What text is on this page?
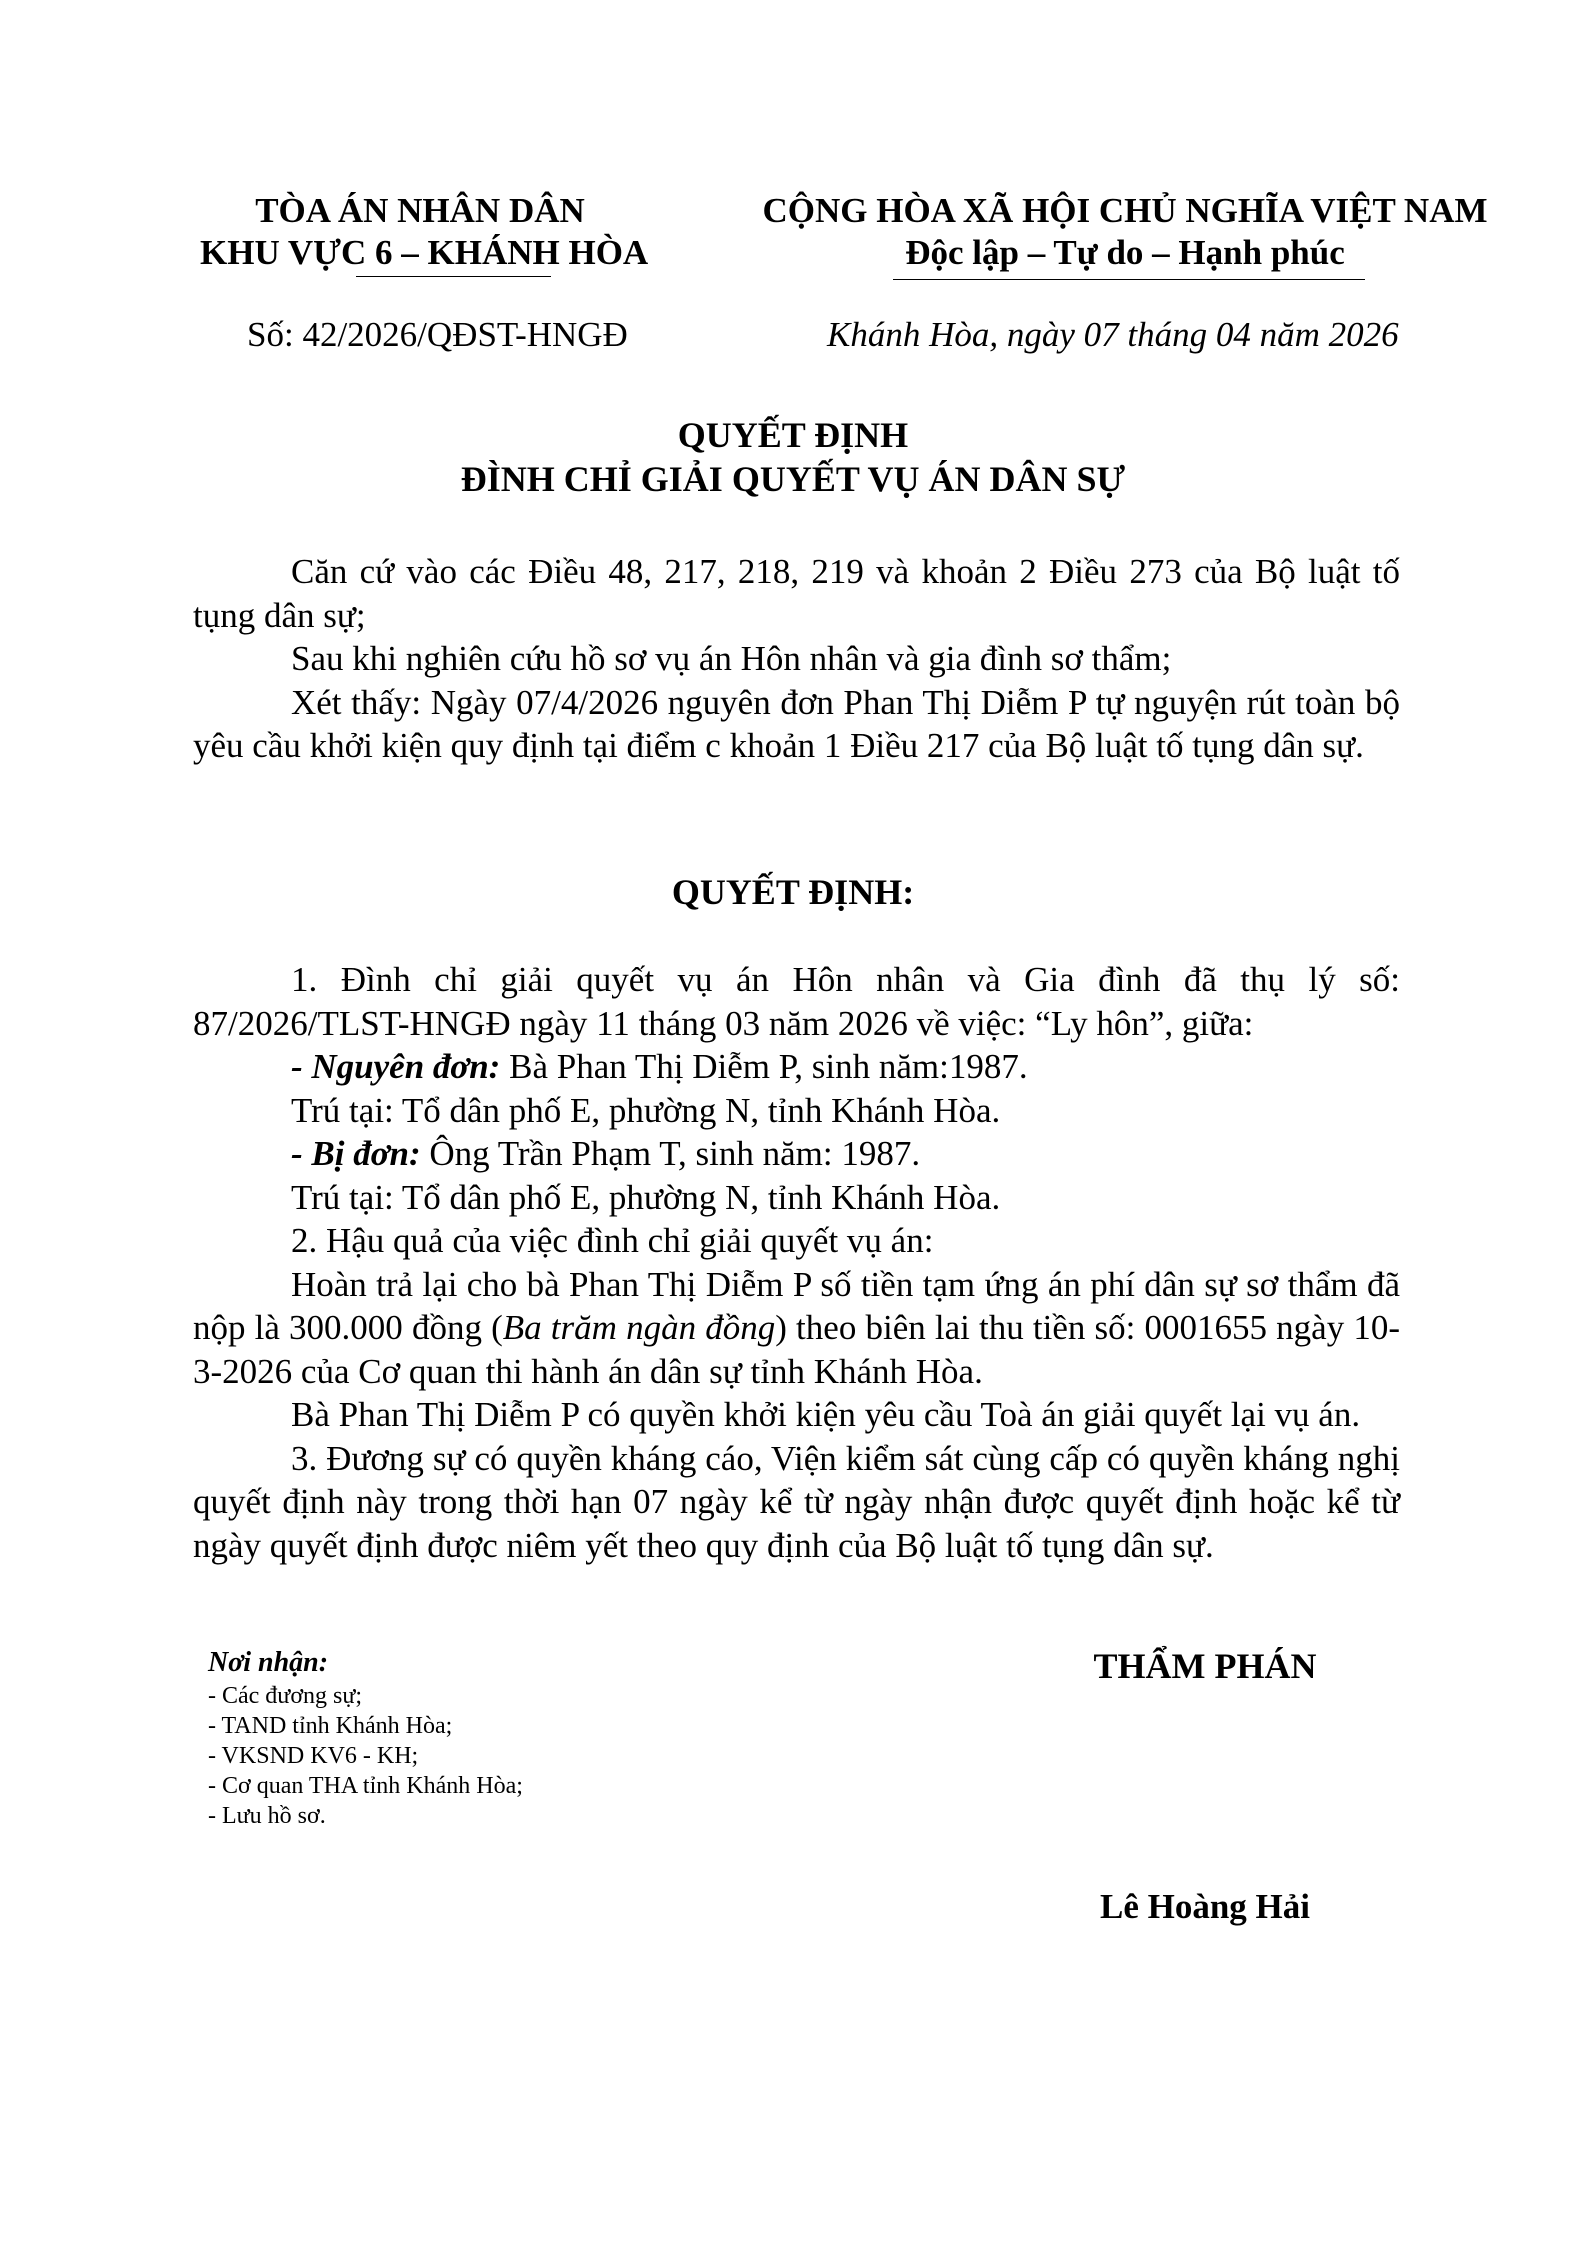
TÒA ÁN NHÂN DÂN
KHU VỰC 6 – KHÁNH HÒA
CỘNG HÒA XÃ HỘI CHỦ NGHĨA VIỆT NAM
Độc lập – Tự do – Hạnh phúc
Số: 42/2026/QĐST-HNGĐ	Khánh Hòa, ngày 07 tháng 04 năm 2026
QUYẾT ĐỊNH
ĐÌNH CHỈ GIẢI QUYẾT VỤ ÁN DÂN SỰ

Căn cứ vào các Điều 48, 217, 218, 219 và khoản 2 Điều 273 của Bộ luật tố tụng dân sự;

Sau khi nghiên cứu hồ sơ vụ án Hôn nhân và gia đình sơ thẩm;

Xét thấy: Ngày 07/4/2026 nguyên đơn Phan Thị Diễm P tự nguyện rút toàn bộ yêu cầu khởi kiện quy định tại điểm c khoản 1 Điều 217 của Bộ luật tố tụng dân sự.

QUYẾT ĐỊNH:

1. Đình chỉ giải quyết vụ án Hôn nhân và Gia đình đã thụ lý số: 87/2026/TLST-HNGĐ ngày 11 tháng 03 năm 2026 về việc: “Ly hôn”, giữa:

- Nguyên đơn: Bà Phan Thị Diễm P, sinh năm:1987.

Trú tại: Tổ dân phố E, phường N, tỉnh Khánh Hòa.

- Bị đơn: Ông Trần Phạm T, sinh năm: 1987.

Trú tại: Tổ dân phố E, phường N, tỉnh Khánh Hòa.

2. Hậu quả của việc đình chỉ giải quyết vụ án:

Hoàn trả lại cho bà Phan Thị Diễm P số tiền tạm ứng án phí dân sự sơ thẩm đã nộp là 300.000 đồng (Ba trăm ngàn đồng) theo biên lai thu tiền số: 0001655 ngày 10-3-2026 của Cơ quan thi hành án dân sự tỉnh Khánh Hòa.

Bà Phan Thị Diễm P có quyền khởi kiện yêu cầu Toà án giải quyết lại vụ án.

3. Đương sự có quyền kháng cáo, Viện kiểm sát cùng cấp có quyền kháng nghị quyết định này trong thời hạn 07 ngày kể từ ngày nhận được quyết định hoặc kể từ ngày quyết định được niêm yết theo quy định của Bộ luật tố tụng dân sự.

Nơi nhận:
- Các đương sự;
- TAND tỉnh Khánh Hòa;
- VKSND KV6 - KH;
- Cơ quan THA tỉnh Khánh Hòa;
- Lưu hồ sơ.
THẨM PHÁN
Lê Hoàng Hải
